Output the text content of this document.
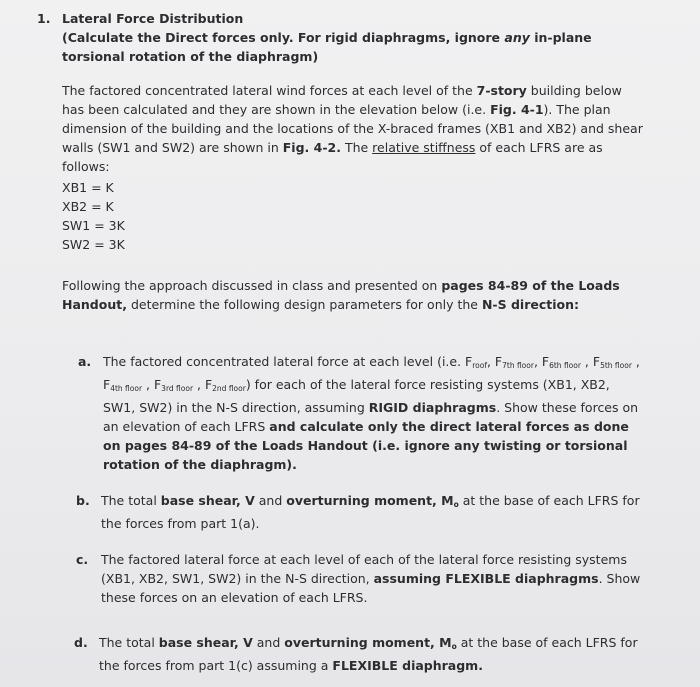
1. Lateral Force Distribution
(Calculate the Direct forces only. For rigid diaphragms, ignore any in-plane torsional rotation of the diaphragm)
The factored concentrated lateral wind forces at each level of the 7-story building below has been calculated and they are shown in the elevation below (i.e. Fig. 4-1). The plan dimension of the building and the locations of the X-braced frames (XB1 and XB2) and shear walls (SW1 and SW2) are shown in Fig. 4-2. The relative stiffness of each LFRS are as follows:
XB1 = K
XB2 = K
SW1 = 3K
SW2 = 3K
Following the approach discussed in class and presented on pages 84-89 of the Loads Handout, determine the following design parameters for only the N-S direction:
a. The factored concentrated lateral force at each level (i.e. $F_{roof}$, $F_{7th floor}$, $F_{6th floor}$ , $F_{5th floor}$ , $F_{4th floor}$ , $F_{3rd floor}$ , $F_{2nd floor}$) for each of the lateral force resisting systems (XB1, XB2, SW1, SW2) in the N-S direction, assuming RIGID diaphragms. Show these forces on an elevation of each LFRS and calculate only the direct lateral forces as done on pages 84-89 of the Loads Handout (i.e. ignore any twisting or torsional rotation of the diaphragm).
b. The total base shear, V and overturning moment, $M_o$ at the base of each LFRS for the forces from part 1(a).
c. The factored lateral force at each level of each of the lateral force resisting systems (XB1, XB2, SW1, SW2) in the N-S direction, assuming FLEXIBLE diaphragms. Show these forces on an elevation of each LFRS.
d. The total base shear, V and overturning moment, $M_o$ at the base of each LFRS for the forces from part 1(c) assuming a FLEXIBLE diaphragm.
